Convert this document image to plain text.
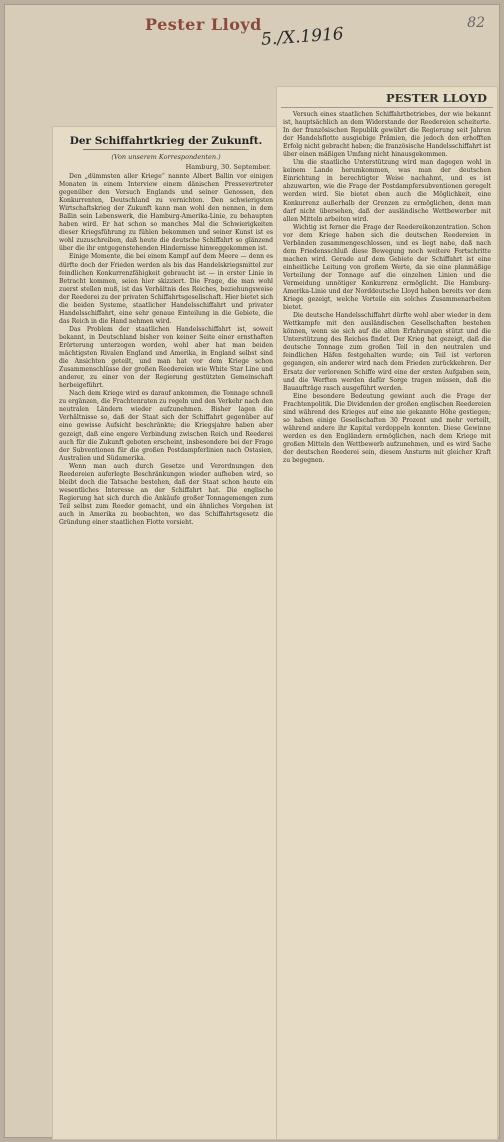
Pester Lloyd
5./X.1916
82
Der Schiffahrtkrieg der Zukunft.
(Von unserem Korrespondenten.)
Hamburg, 30. September.

Den „dümmsten aller Kriege“ nannte Albert Ballin vor einigen Monaten in einem Interview einem dänischen Pressevertreter gegenüber den Versuch Englands und seiner Genossen, den Konkurrenten, Deutschland zu vernichten. Den schwierigsten Wirtschaftskrieg der Zukunft kann man wohl den nennen, in dem Ballin sein Lebenswerk, die Hamburg-Amerika-Linie, zu behaupten haben wird. Er hat schon so manches Mal die Schwierigkeiten dieser Kriegsführung zu fühlen bekommen und seiner Kunst ist es wohl zuzuschreiben, daß heute die deutsche Schiffahrt so glänzend über die ihr entgegenstehenden Hindernisse hinweggekommen ist.

Einige Momente, die bei einem Kampf auf dem Meere — denn es dürfte doch der Frieden werden als bis das Handelskriegsmittel zur feindlichen Konkurrenzfähigkeit gebraucht ist — in erster Linie in Betracht kommen, seien hier skizziert. Die Frage, die man wohl zuerst stellen muß, ist das Verhältnis des Reiches, beziehungsweise der Reederei zu der privaten Schiffahrtsgesellschaft. Hier bietet sich die beiden Systeme, staatlicher Handelsschiffahrt und privater Handelsschiffahrt, eine sehr genaue Einteilung in die Gebiete, die das Reich in die Hand nehmen wird.

Das Problem der staatlichen Handelsschiffahrt ist, soweit bekannt, in Deutschland bisher von keiner Seite einer ernsthaften Erörterung unterzogen worden, wohl aber hat man beiden mächtigsten Rivalen England und Amerika, in England selbst sind die Ansichten geteilt, und man hat vor dem Kriege schon Zusammenschlüsse der großen Reedereien wie White Star Line und anderer, zu einer von der Regierung gestützten Gemeinschaft herbeigeführt.

Nach dem Kriege wird es darauf ankommen, die Tonnage schnell zu ergänzen, die Frachtenraten zu regeln und den Verkehr nach den neutralen Ländern wieder aufzunehmen. Bisher lagen die Verhältnisse so, daß der Staat sich der Schiffahrt gegenüber auf eine gewisse Aufsicht beschränkte; die Kriegsjahre haben aber gezeigt, daß eine engere Verbindung zwischen Reich und Reederei auch für die Zukunft geboten erscheint, insbesondere bei der Frage der Subventionen für die großen Postdampferlinien nach Ostasien, Australien und Südamerika.

Wenn man auch durch Gesetze und Verordnungen den Reedereien auferlegte Beschränkungen wieder aufheben wird, so bleibt doch die Tatsache bestehen, daß der Staat schon heute ein wesentliches Interesse an der Schiffahrt hat. Die englische Regierung hat sich durch die Ankäufe großer Tonnagemengen zum Teil selbst zum Reeder gemacht, und ein ähnliches Vorgehen ist auch in Amerika zu beobachten, wo das Schiffahrtsgesetz die Gründung einer staatlichen Flotte vorsieht.

PESTER LLOYD

Versuch eines staatlichen Schiffahrtbetriebes, der wie bekannt ist, hauptsächlich an dem Widerstande der Reedereien scheiterte. In der französischen Republik gewährt die Regierung seit Jahren der Handelsflotte ausgiebige Prämien, die jedoch den erhofften Erfolg nicht gebracht haben; die französische Handelsschiffahrt ist über einen mäßigen Umfang nicht hinausgekommen.

Um die staatliche Unterstützung wird man dagegen wohl in keinem Lande herumkommen, was man der deutschen Einrichtung in berechtigter Weise nachahmt, und es ist abzuwarten, wie die Frage der Postdampfersubventionen geregelt werden wird. Sie bietet eben auch die Möglichkeit, eine Konkurrenz außerhalb der Grenzen zu ermöglichen, denn man darf nicht übersehen, daß der ausländische Wettbewerber mit allen Mitteln arbeiten wird.

Wichtig ist ferner die Frage der Reedereikonzentration. Schon vor dem Kriege haben sich die deutschen Reedereien in Verbänden zusammengeschlossen, und es liegt nahe, daß nach dem Friedensschluß diese Bewegung noch weitere Fortschritte machen wird. Gerade auf dem Gebiete der Schiffahrt ist eine einheitliche Leitung von großem Werte, da sie eine planmäßige Verteilung der Tonnage auf die einzelnen Linien und die Vermeidung unnötiger Konkurrenz ermöglicht. Die Hamburg-Amerika-Linie und der Norddeutsche Lloyd haben bereits vor dem Kriege gezeigt, welche Vorteile ein solches Zusammenarbeiten bietet.

Die deutsche Handelsschiffahrt dürfte wohl aber wieder in dem Wettkampfe mit den ausländischen Gesellschaften bestehen können, wenn sie sich auf die alten Erfahrungen stützt und die Unterstützung des Reiches findet. Der Krieg hat gezeigt, daß die deutsche Tonnage zum großen Teil in den neutralen und feindlichen Häfen festgehalten wurde; ein Teil ist verloren gegangen, ein anderer wird nach dem Frieden zurückkehren. Der Ersatz der verlorenen Schiffe wird eine der ersten Aufgaben sein, und die Werften werden dafür Sorge tragen müssen, daß die Bauaufträge rasch ausgeführt werden.

Eine besondere Bedeutung gewinnt auch die Frage der Frachtenpolitik. Die Dividenden der großen englischen Reedereien sind während des Krieges auf eine nie gekannte Höhe gestiegen; so haben einige Gesellschaften 30 Prozent und mehr verteilt, während andere ihr Kapital verdoppeln konnten. Diese Gewinne werden es den Engländern ermöglichen, nach dem Kriege mit großen Mitteln den Wettbewerb aufzunehmen, und es wird Sache der deutschen Reederei sein, diesem Ansturm mit gleicher Kraft zu begegnen.
